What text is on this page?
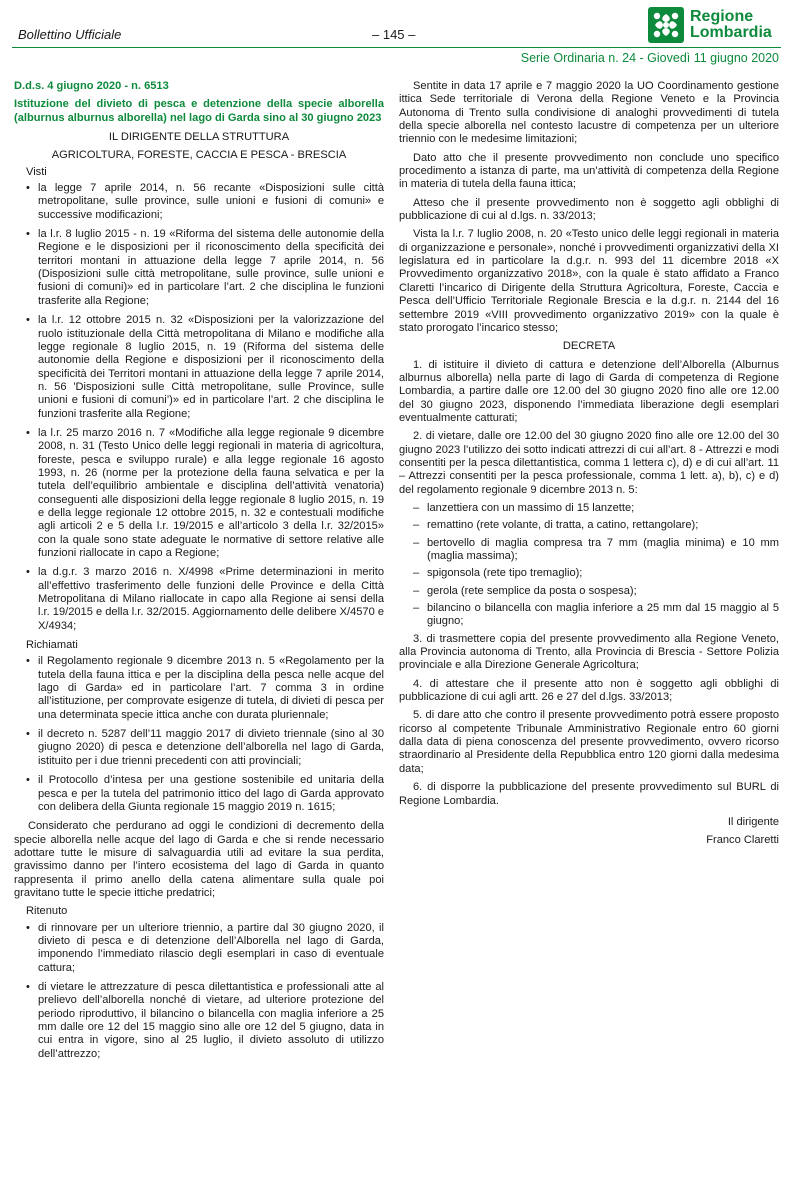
Bollettino Ufficiale	– 145 –
Regione
Lombardia
Serie Ordinaria n. 24 - Giovedì 11 giugno 2020

D.d.s. 4 giugno 2020 - n. 6513

Istituzione del divieto di pesca e detenzione della specie alborella (alburnus alburnus alborella) nel lago di Garda sino al 30 giugno 2023

IL DIRIGENTE DELLA STRUTTURA

AGRICOLTURA, FORESTE, CACCIA E PESCA - BRESCIA

Visti
• la legge 7 aprile 2014, n. 56 recante «Disposizioni sulle città metropolitane, sulle province, sulle unioni e fusioni di comuni» e successive modificazioni;
• la l.r. 8 luglio 2015 - n. 19 «Riforma del sistema delle autonomie della Regione e le disposizioni per il riconoscimento della specificità dei territori montani in attuazione della legge 7 aprile 2014, n. 56 (Disposizioni sulle città metropolitane, sulle province, sulle unioni e fusioni di comuni)» ed in particolare l’art. 2 che disciplina le funzioni trasferite alla Regione;
• la l.r. 12 ottobre 2015 n. 32 «Disposizioni per la valorizzazione del ruolo istituzionale della Città metropolitana di Milano e modifiche alla legge regionale 8 luglio 2015, n. 19 (Riforma del sistema delle autonomie della Regione e disposizioni per il riconoscimento della specificità dei Territori montani in attuazione della legge 7 aprile 2014, n. 56 'Disposizioni sulle Città metropolitane, sulle Province, sulle unioni e fusioni di comuni’)» ed in particolare l’art. 2 che disciplina le funzioni trasferite alla Regione;
• la l.r. 25 marzo 2016 n. 7 «Modifiche alla legge regionale 9 dicembre 2008, n. 31 (Testo Unico delle leggi regionali in materia di agricoltura, foreste, pesca e sviluppo rurale) e alla legge regionale 16 agosto 1993, n. 26 (norme per la protezione della fauna selvatica e per la tutela dell’equilibrio ambientale e disciplina dell’attività venatoria) conseguenti alle disposizioni della legge regionale 8 luglio 2015, n. 19 e della legge regionale 12 ottobre 2015, n. 32 e contestuali modifiche agli articoli 2 e 5 della l.r. 19/2015 e all’articolo 3 della l.r. 32/2015» con la quale sono state adeguate le normative di settore relative alle funzioni riallocate in capo a Regione;
• la d.g.r. 3 marzo 2016 n. X/4998 «Prime determinazioni in merito all’effettivo trasferimento delle funzioni delle Province e della Città Metropolitana di Milano riallocate in capo alla Regione ai sensi della l.r. 19/2015 e della l.r. 32/2015. Aggiornamento delle delibere X/4570 e X/4934;
Richiamati
• il Regolamento regionale 9 dicembre 2013 n. 5 «Regolamento per la tutela della fauna ittica e per la disciplina della pesca nelle acque del lago di Garda» ed in particolare l’art. 7 comma 3 in ordine all’istituzione, per comprovate esigenze di tutela, di divieti di pesca per una determinata specie ittica anche con durata pluriennale;
• il decreto n. 5287 dell’11 maggio 2017 di divieto triennale (sino al 30 giugno 2020) di pesca e detenzione dell’alborella nel lago di Garda, istituito per i due trienni precedenti con atti provinciali;
• il Protocollo d’intesa per una gestione sostenibile ed unitaria della pesca e per la tutela del patrimonio ittico del lago di Garda approvato con delibera della Giunta regionale 15 maggio 2019 n. 1615;

Considerato che perdurano ad oggi le condizioni di decremento della specie alborella nelle acque del lago di Garda e che si rende necessario adottare tutte le misure di salvaguardia utili ad evitare la sua perdita, gravissimo danno per l’intero ecosistema del lago di Garda in quanto rappresenta il primo anello della catena alimentare sulla quale poi gravitano tutte le specie ittiche predatrici;

Ritenuto
• di rinnovare per un ulteriore triennio, a partire dal 30 giugno 2020, il divieto di pesca e di detenzione dell’Alborella nel lago di Garda, imponendo l’immediato rilascio degli esemplari in caso di eventuale cattura;
• di vietare le attrezzature di pesca dilettantistica e professionali atte al prelievo dell’alborella nonché di vietare, ad ulteriore protezione del periodo riproduttivo, il bilancino o bilancella con maglia inferiore a 25 mm dalle ore 12 del 15 maggio sino alle ore 12 del 5 giugno, data in cui entra in vigore, sino al 25 luglio, il divieto assoluto di utilizzo dell’attrezzo;

Sentite in data 17 aprile e 7 maggio 2020 la UO Coordinamento gestione ittica Sede territoriale di Verona della Regione Veneto e la Provincia Autonoma di Trento sulla condivisione di analoghi provvedimenti di tutela della specie alborella nel contesto lacustre di competenza per un ulteriore triennio con le medesime limitazioni;

Dato atto che il presente provvedimento non conclude uno specifico procedimento a istanza di parte, ma un’attività di competenza della Regione in materia di tutela della fauna ittica;

Atteso che il presente provvedimento non è soggetto agli obblighi di pubblicazione di cui al d.lgs. n. 33/2013;

Vista la l.r. 7 luglio 2008, n. 20 «Testo unico delle leggi regionali in materia di organizzazione e personale», nonché i provvedimenti organizzativi della XI legislatura ed in particolare la d.g.r. n. 993 del 11 dicembre 2018 «X Provvedimento organizzativo 2018», con la quale è stato affidato a Franco Claretti l’incarico di Dirigente della Struttura Agricoltura, Foreste, Caccia e Pesca dell’Ufficio Territoriale Regionale Brescia e la d.g.r. n. 2144 del 16 settembre 2019 «VIII provvedimento organizzativo 2019» con la quale è stato prorogato l’incarico stesso;

DECRETA

1. di istituire il divieto di cattura e detenzione dell’Alborella (Alburnus alburnus alborella) nella parte di lago di Garda di competenza di Regione Lombardia, a partire dalle ore 12.00 del 30 giugno 2020 fino alle ore 12.00 del 30 giugno 2023, disponendo l’immediata liberazione degli esemplari eventualmente catturati;

2. di vietare, dalle ore 12.00 del 30 giugno 2020 fino alle ore 12.00 del 30 giugno 2023 l’utilizzo dei sotto indicati attrezzi di cui all’art. 8 - Attrezzi e modi consentiti per la pesca dilettantistica, comma 1 lettera c), d) e di cui all’art. 11 – Attrezzi consentiti per la pesca professionale, comma 1 lett. a), b), c) e d) del regolamento regionale 9 dicembre 2013 n. 5:

– lanzettiera con un massimo di 15 lanzette;
– remattino (rete volante, di tratta, a catino, rettangolare);
– bertovello di maglia compresa tra 7 mm (maglia minima) e 10 mm (maglia massima);
– spigonsola (rete tipo tremaglio);
– gerola (rete semplice da posta o sospesa);
– bilancino o bilancella con maglia inferiore a 25 mm dal 15 maggio al 5 giugno;

3. di trasmettere copia del presente provvedimento alla Regione Veneto, alla Provincia autonoma di Trento, alla Provincia di Brescia - Settore Polizia provinciale e alla Direzione Generale Agricoltura;

4. di attestare che il presente atto non è soggetto agli obblighi di pubblicazione di cui agli artt. 26 e 27 del d.lgs. 33/2013;

5. di dare atto che contro il presente provvedimento potrà essere proposto ricorso al competente Tribunale Amministrativo Regionale entro 60 giorni dalla data di piena conoscenza del presente provvedimento, ovvero ricorso straordinario al Presidente della Repubblica entro 120 giorni dalla medesima data;

6. di disporre la pubblicazione del presente provvedimento sul BURL di Regione Lombardia.

Il dirigente

Franco Claretti
